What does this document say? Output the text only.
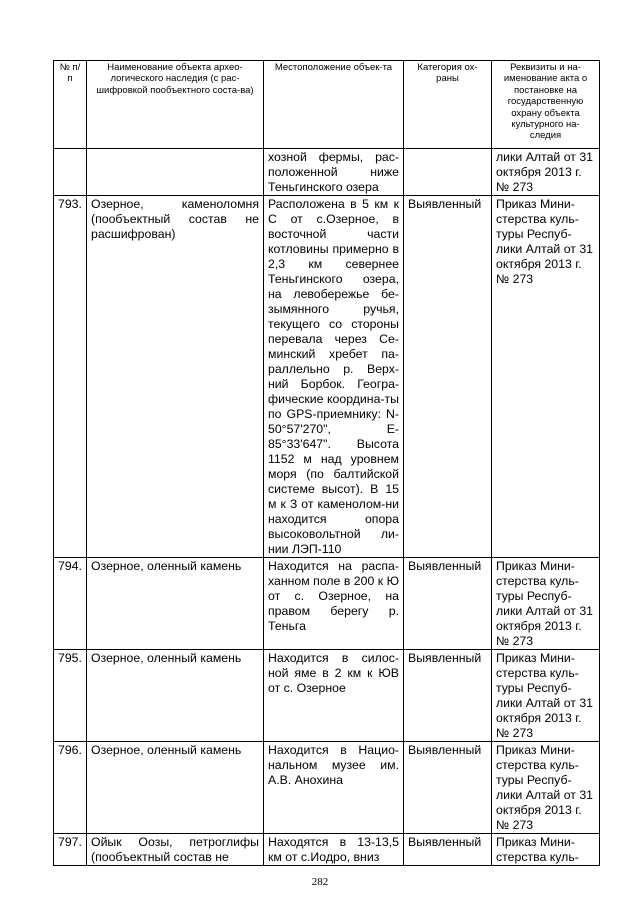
№ п/п	Наименование объекта архео-логического наследия (с рас-шифровкой пообъектного соста-ва)	Местоположение объек-та	Категория ох-раны	Реквизиты и на-именование акта о постановке на государственную охрану объекта культурного на-следия
		хозной фермы, рас-положенной ниже Теньгинского озера		лики Алтай от 31 октября 2013 г. № 273
793.	Озерное, каменоломня (пообъектный состав не расшифрован)	Расположена в 5 км к С от с.Озерное, в восточной части котловины примерно в 2,3 км севернее Теньгинского озера, на левобережье бе-зымянного ручья, текущего со стороны перевала через Се-минский хребет па-раллельно р. Верх-ний Борбок. Геогра-фические координа-ты по GPS-приемнику: N-50°57'270", E-85°33'647". Высота 1152 м над уровнем моря (по балтийской системе высот). В 15 м к З от каменолом-ни находится опора высоковольтной ли-нии ЛЭП-110	Выявленный	Приказ Мини-стерства куль-туры Респуб-лики Алтай от 31 октября 2013 г. № 273
794.	Озерное, оленный камень	Находится на распа-ханном поле в 200 к Ю от с. Озерное, на правом берегу р. Теньга	Выявленный	Приказ Мини-стерства куль-туры Респуб-лики Алтай от 31 октября 2013 г. № 273
795.	Озерное, оленный камень	Находится в силос-ной яме в 2 км к ЮВ от с. Озерное	Выявленный	Приказ Мини-стерства куль-туры Респуб-лики Алтай от 31 октября 2013 г. № 273
796.	Озерное, оленный камень	Находится в Нацио-нальном музее им. А.В. Анохина	Выявленный	Приказ Мини-стерства куль-туры Респуб-лики Алтай от 31 октября 2013 г. № 273
797.	Ойык Оозы, петроглифы (пообъектный состав не	Находятся в 13-13,5 км от с.Иодро, вниз	Выявленный	Приказ Мини-стерства куль-
282
